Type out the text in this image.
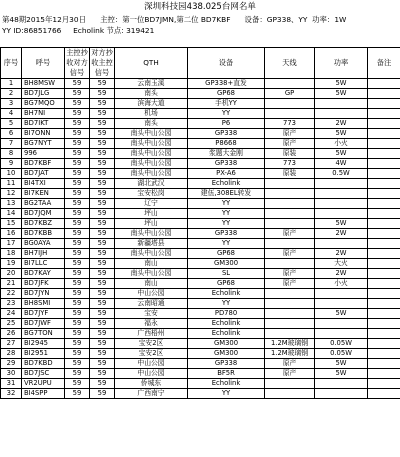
深圳科技园438.025台网名单
第48期2015年12月30日      主控：第一位BD7JMN,第二位 BD7KBF      设备：GP338、YY  功率：1W
YY ID:86851766     Echolink 节点: 319421
序号	呼号	主控抄收对方信号	对方抄收主控信号	QTH	设备	天线	功率	备注
1	BH8MSW	59	59	云南玉溪	GP338+直发		5W	
2	BD7JLG	59	59	南头	GP68	GP	5W	
3	BG7MQO	59	59	滨海大道	手机YY			
4	BH7NI	59	59	机场	YY			
5	BD7IKT	59	59	南头	P6	773	2W	
6	BI7ONN	59	59	南头中山公园	GP338	原产	5W	
7	BG7NYT	59	59	南头中山公园	P8668	原产	小火	
8	996	59	59	南头中山公园	浆题大金刚	原装	5W	
9	BD7KBF	59	59	南头中山公园	GP338	773	4W	
10	BD7JAT	59	59	南头中山公园	PX-A6	原装	0.5W	
11	BI4TXI	59	59	湖北武汉	Echolink			
12	BI7KEN	59	59	宝安松岗	建伍,308EL转发			
13	BG2TAA	59	59	辽宁	YY			
14	BD7JQM	59	59	坪山	YY			
15	BD7KBZ	59	59	坪山	YY		5W	
16	BD7KBB	59	59	南头中山公园	GP338	原产	2W	
17	BG0AYA	59	59	新疆塔县	YY			
18	BH7IJH	59	59	南头中山公园	GP68	原产	2W	
19	BI7LLC	59	59	南山	GM300		大火	
20	BD7KAY	59	59	南头中山公园	SL	原产	2W	
21	BD7JFK	59	59	南山	GP68	原产	小火	
22	BD7JYN	59	59	中山公园	Echolink			
23	BH8SMI	59	59	云南昭通	YY			
24	BD7JYF	59	59	宝安	PD780		5W	
25	BD7JWF	59	59	福永	Echolink			
26	BG7TON	59	59	广西梧州	Echolink			
27	BI2945	59	59	宝安2区	GM300	1.2M玻璃钢	0.05W	
28	BI2951	59	59	宝安2区	GM300	1.2M玻璃钢	0.05W	
29	BD7KBD	59	59	中山公园	GP338	原产	5W	
30	BD7JSC	59	59	中山公园	BF5R	原产	5W	
31	VR2UPU	59	59	侨城东	Echolink			
32	BI4SPP	59	59	广西南宁	YY			
